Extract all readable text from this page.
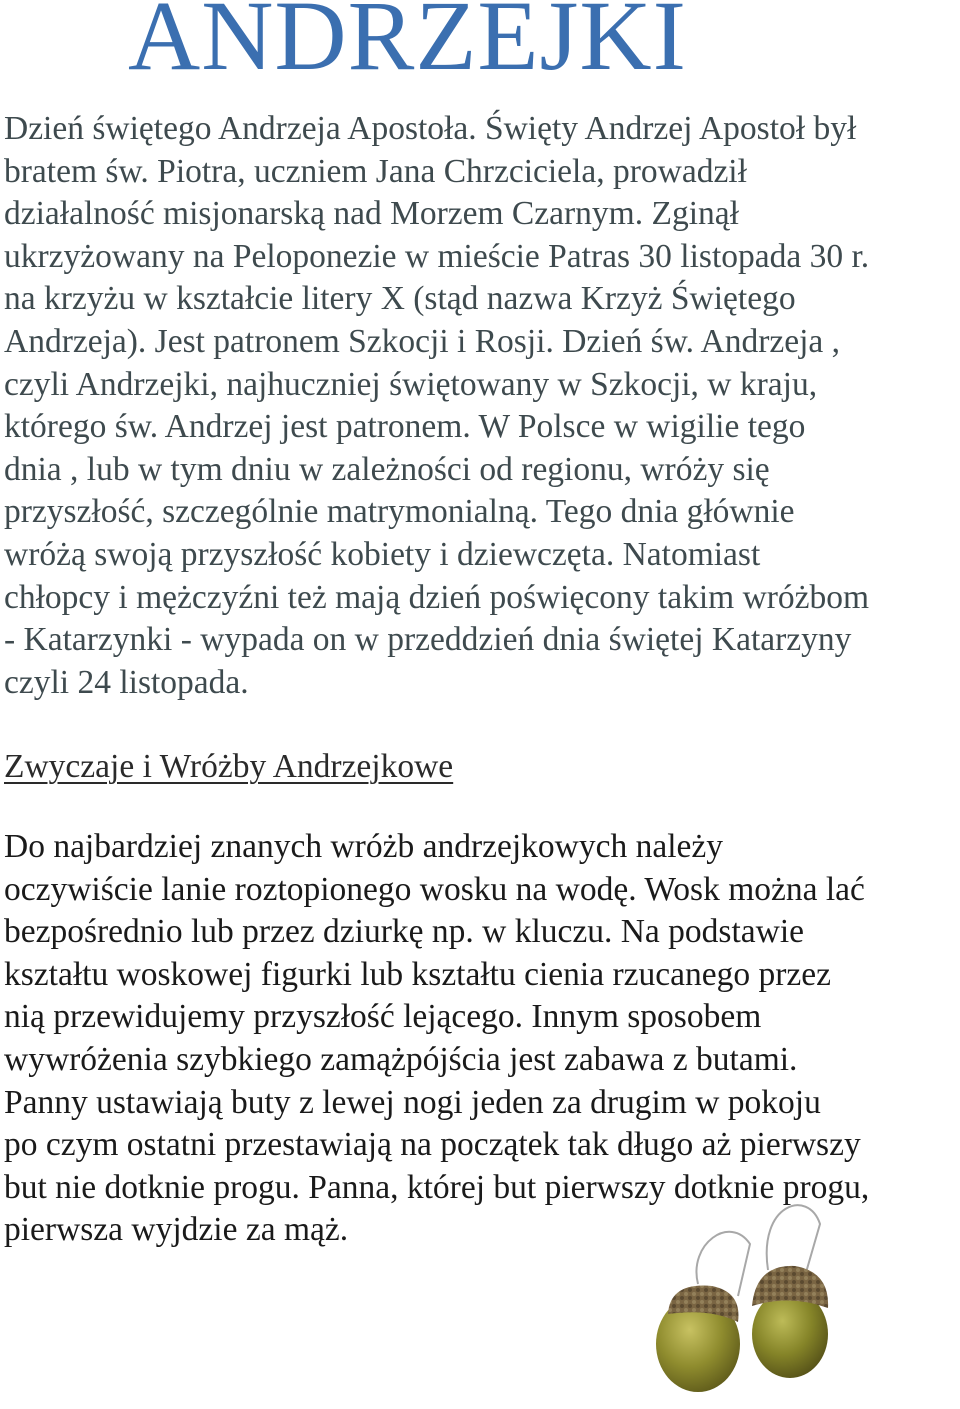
ANDRZEJKI
Dzień świętego Andrzeja Apostoła. Święty Andrzej Apostoł był
bratem św. Piotra, uczniem Jana Chrzciciela, prowadził
działalność misjonarską nad Morzem Czarnym. Zginął
ukrzyżowany na Peloponezie w mieście Patras 30 listopada 30 r.
na krzyżu w kształcie litery X (stąd nazwa Krzyż Świętego
Andrzeja). Jest patronem Szkocji i Rosji. Dzień św. Andrzeja ,
czyli Andrzejki, najhuczniej świętowany w Szkocji, w kraju,
którego św. Andrzej jest patronem. W Polsce w wigilie tego
dnia , lub w tym dniu w zależności od regionu, wróży się
przyszłość, szczególnie matrymonialną. Tego dnia głównie
wróżą swoją przyszłość kobiety i dziewczęta. Natomiast
chłopcy i mężczyźni też mają dzień poświęcony takim wróżbom
- Katarzynki - wypada on w przeddzień dnia świętej Katarzyny
czyli 24 listopada.
Zwyczaje i Wróżby Andrzejkowe
Do najbardziej znanych wróżb andrzejkowych należy
oczywiście lanie roztopionego wosku na wodę. Wosk można lać
bezpośrednio lub przez dziurkę np. w kluczu. Na podstawie
kształtu woskowej figurki lub kształtu cienia rzucanego przez
nią przewidujemy przyszłość lejącego. Innym sposobem
wywróżenia szybkiego zamążpójścia jest zabawa z butami.
Panny ustawiają buty z lewej nogi jeden za drugim w pokoju
po czym ostatni przestawiają na początek tak długo aż pierwszy
but nie dotknie progu. Panna, której but pierwszy dotknie progu,
pierwsza wyjdzie za mąż.
